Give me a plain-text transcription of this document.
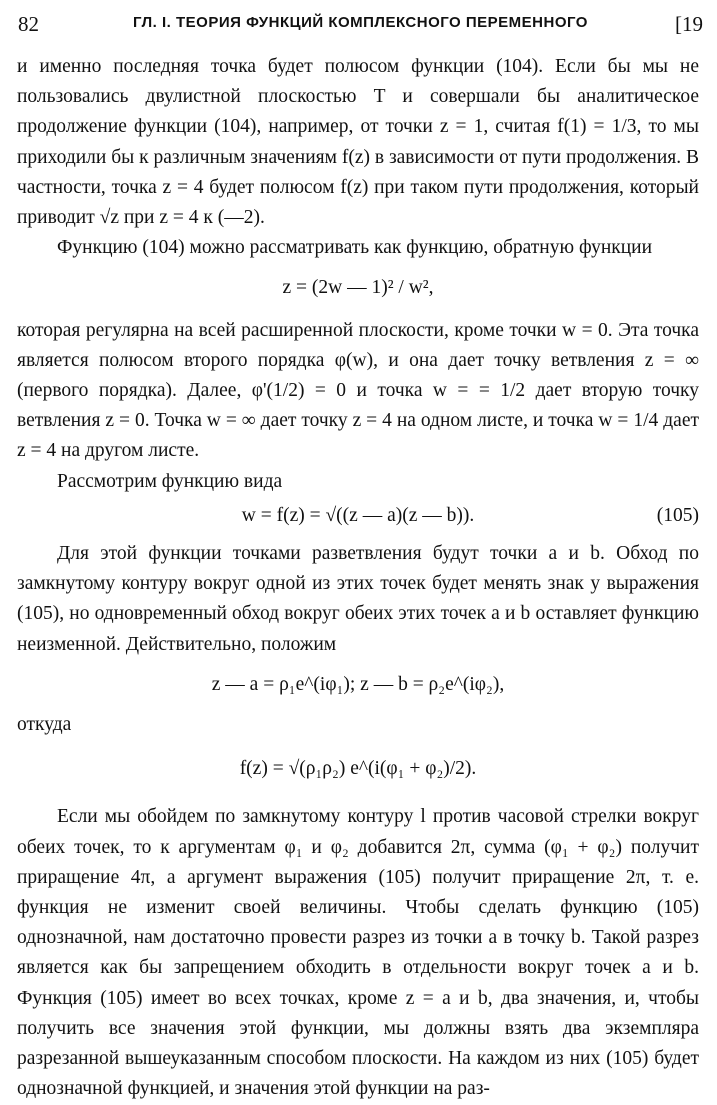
82	ГЛ. I. ТЕОРИЯ ФУНКЦИЙ КОМПЛЕКСНОГО ПЕРЕМЕННОГО	[19

и именно последняя точка будет полюсом функции (104). Если бы мы не пользовались двулистной плоскостью T и совершали бы аналитическое продолжение функции (104), например, от точки z = 1, считая f(1) = 1/3, то мы приходили бы к различным значениям f(z) в зависимости от пути продолжения. В частности, точка z = 4 будет полюсом f(z) при таком пути продолжения, который приводит √z при z = 4 к (—2).

Функцию (104) можно рассматривать как функцию, обратную функции

z = (2w — 1)² / w²,

которая регулярна на всей расширенной плоскости, кроме точки w = 0. Эта точка является полюсом второго порядка φ(w), и она дает точку ветвления z = ∞ (первого порядка). Далее, φ'(1/2) = 0 и точка w = = 1/2 дает вторую точку ветвления z = 0. Точка w = ∞ дает точку z = 4 на одном листе, и точка w = 1/4 дает z = 4 на другом листе.

Рассмотрим функцию вида

w = f(z) = √((z — a)(z — b)).	(105)

Для этой функции точками разветвления будут точки a и b. Обход по замкнутому контуру вокруг одной из этих точек будет менять знак у выражения (105), но одновременный обход вокруг обеих этих точек a и b оставляет функцию неизменной. Действительно, положим

z — a = ρ₁e^(iφ₁); z — b = ρ₂e^(iφ₂),

откуда

f(z) = √(ρ₁ρ₂) e^(i(φ₁ + φ₂)/2).

Если мы обойдем по замкнутому контуру l против часовой стрелки вокруг обеих точек, то к аргументам φ₁ и φ₂ добавится 2π, сумма (φ₁ + φ₂) получит приращение 4π, а аргумент выражения (105) получит приращение 2π, т. е. функция не изменит своей величины. Чтобы сделать функцию (105) однозначной, нам достаточно провести разрез из точки a в точку b. Такой разрез является как бы запрещением обходить в отдельности вокруг точек a и b. Функция (105) имеет во всех точках, кроме z = a и b, два значения, и, чтобы получить все значения этой функции, мы должны взять два экземпляра разрезанной вышеуказанным способом плоскости. На каждом из них (105) будет однозначной функцией, и значения этой функции на раз-
